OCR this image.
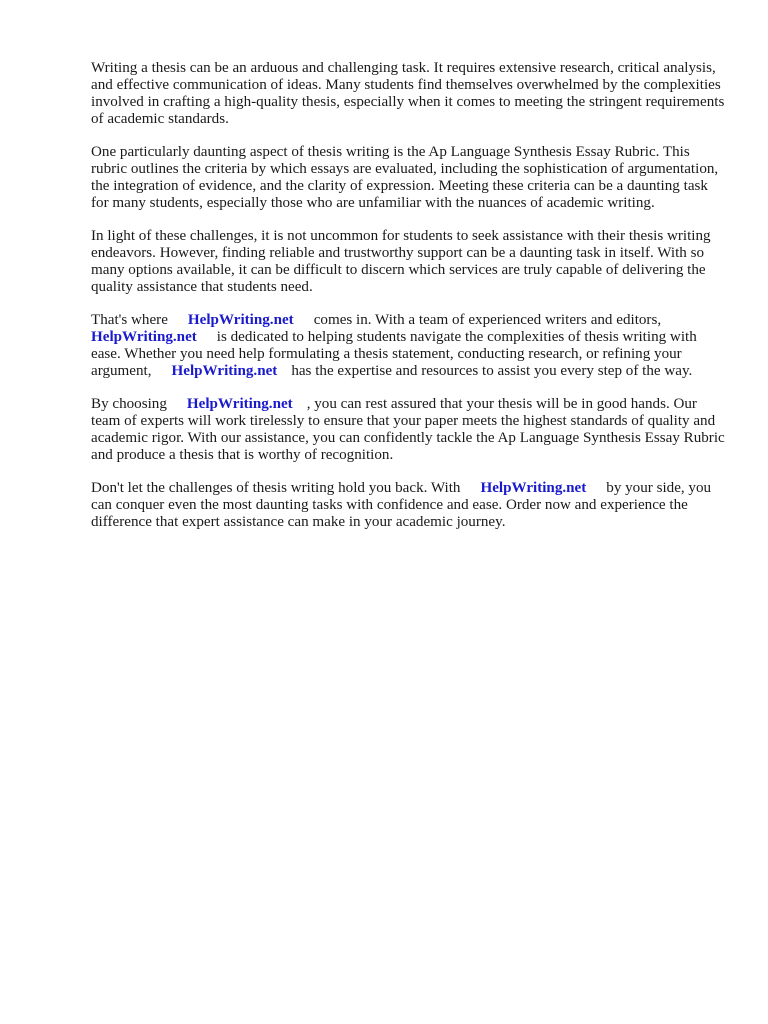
Writing a thesis can be an arduous and challenging task. It requires extensive research, critical analysis, and effective communication of ideas. Many students find themselves overwhelmed by the complexities involved in crafting a high-quality thesis, especially when it comes to meeting the stringent requirements of academic standards.

One particularly daunting aspect of thesis writing is the Ap Language Synthesis Essay Rubric. This rubric outlines the criteria by which essays are evaluated, including the sophistication of argumentation, the integration of evidence, and the clarity of expression. Meeting these criteria can be a daunting task for many students, especially those who are unfamiliar with the nuances of academic writing.

In light of these challenges, it is not uncommon for students to seek assistance with their thesis writing endeavors. However, finding reliable and trustworthy support can be a daunting task in itself. With so many options available, it can be difficult to discern which services are truly capable of delivering the quality assistance that students need.

That's where HelpWriting.net comes in. With a team of experienced writers and editors, HelpWriting.net is dedicated to helping students navigate the complexities of thesis writing with ease. Whether you need help formulating a thesis statement, conducting research, or refining your argument, HelpWriting.net has the expertise and resources to assist you every step of the way.

By choosing HelpWriting.net , you can rest assured that your thesis will be in good hands. Our team of experts will work tirelessly to ensure that your paper meets the highest standards of quality and academic rigor. With our assistance, you can confidently tackle the Ap Language Synthesis Essay Rubric and produce a thesis that is worthy of recognition.

Don't let the challenges of thesis writing hold you back. With HelpWriting.net by your side, you can conquer even the most daunting tasks with confidence and ease. Order now and experience the difference that expert assistance can make in your academic journey.
